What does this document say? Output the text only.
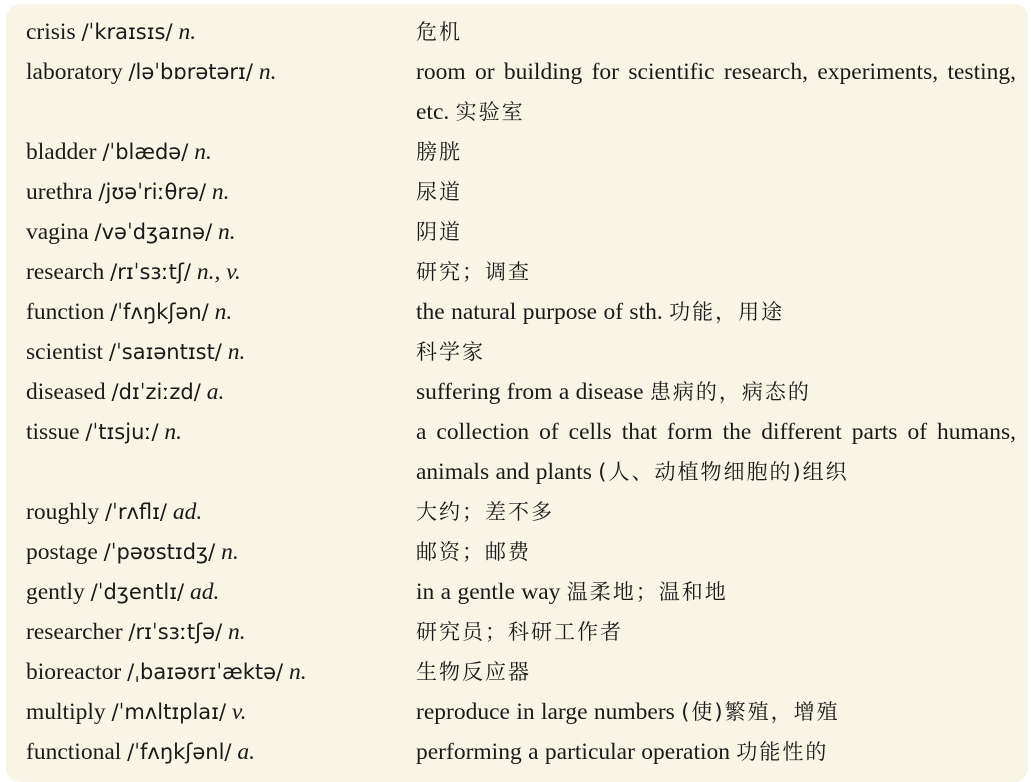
crisis /ˈkraɪsɪs/ n.	危机
laboratory /ləˈbɒrətərɪ/ n.	room or building for scientific research, experiments, testing, etc. 实验室
bladder /ˈblædə/ n.	膀胱
urethra /jʊəˈriːθrə/ n.	尿道
vagina /vəˈdʒaɪnə/ n.	阴道
research /rɪˈsɜːtʃ/ n., v.	研究；调查
function /ˈfʌŋkʃən/ n.	the natural purpose of sth. 功能，用途
scientist /ˈsaɪəntɪst/ n.	科学家
diseased /dɪˈziːzd/ a.	suffering from a disease 患病的，病态的
tissue /ˈtɪsjuː/ n.	a collection of cells that form the different parts of humans, animals and plants (人、动植物细胞的)组织
roughly /ˈrʌflɪ/ ad.	大约；差不多
postage /ˈpəʊstɪdʒ/ n.	邮资；邮费
gently /ˈdʒentlɪ/ ad.	in a gentle way 温柔地；温和地
researcher /rɪˈsɜːtʃə/ n.	研究员；科研工作者
bioreactor /ˌbaɪəʊrɪˈæktə/ n.	生物反应器
multiply /ˈmʌltɪplaɪ/ v.	reproduce in large numbers (使)繁殖，增殖
functional /ˈfʌŋkʃənl/ a.	performing a particular operation 功能性的
